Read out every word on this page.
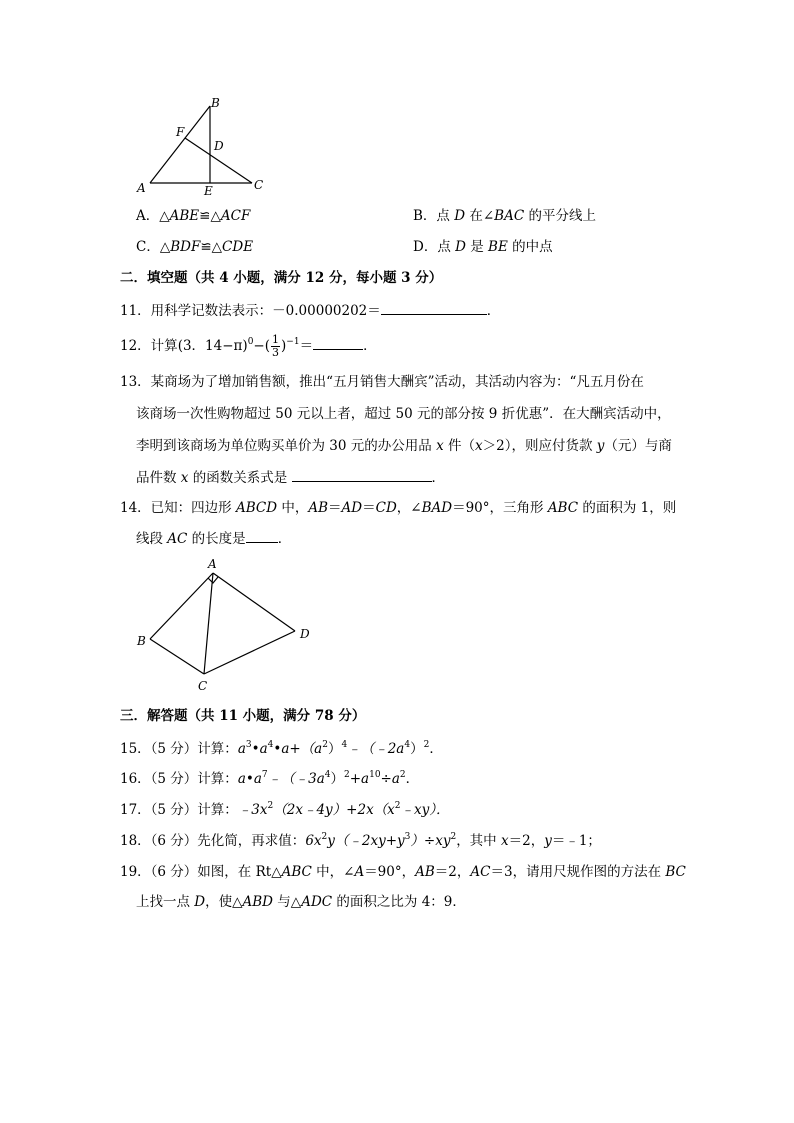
B
F
D
A	E	C
A．△ABE≌△ACF	B．点 D 在∠BAC 的平分线上
C．△BDF≌△CDE	D．点 D 是 BE 的中点
二．填空题（共 4 小题，满分 12 分，每小题 3 分）
11．用科学记数法表示：－0.00000202＝	．
12．计算(3．$14-\pi)^0-( \frac{1}{3} )^{-1}=$	．
13．某商场为了增加销售额，推出“五月销售大酬宾”活动，其活动内容为：“凡五月份在
该商场一次性购物超过 50 元以上者，超过 50 元的部分按 9 折优惠”．在大酬宾活动中，
李明到该商场为单位购买单价为 30 元的办公用品 x 件（x＞2），则应付货款 y（元）与商
品件数 x 的函数关系式是	．
14．已知：四边形 ABCD 中，AB＝AD＝CD，∠BAD＝90°，三角形 ABC 的面积为 1，则
线段 AC 的长度是 ．
A
B
C
D
三．解答题（共 11 小题，满分 78 分）
15．（5 分）计算：$a^3•a^4•a+(a^2)^4﹣(﹣2a^4)^2$．
16．（5 分）计算：$a•a^7﹣(﹣3a^4)^2+a^{10}\div a^2$．
17．（5 分）计算：$﹣3x^2(2x﹣4y)+2x(x^2﹣xy)$．
18．（6 分）先化简，再求值：$6x^2y(﹣2xy+y^3)\div xy^2$，其中 x＝2，y＝﹣1；
19．（6 分）如图，在 Rt△ABC 中，∠A＝90°，AB＝2，AC＝3，请用尺规作图的方法在 BC
上找一点 D，使△ABD 与△ADC 的面积之比为 4：9．
